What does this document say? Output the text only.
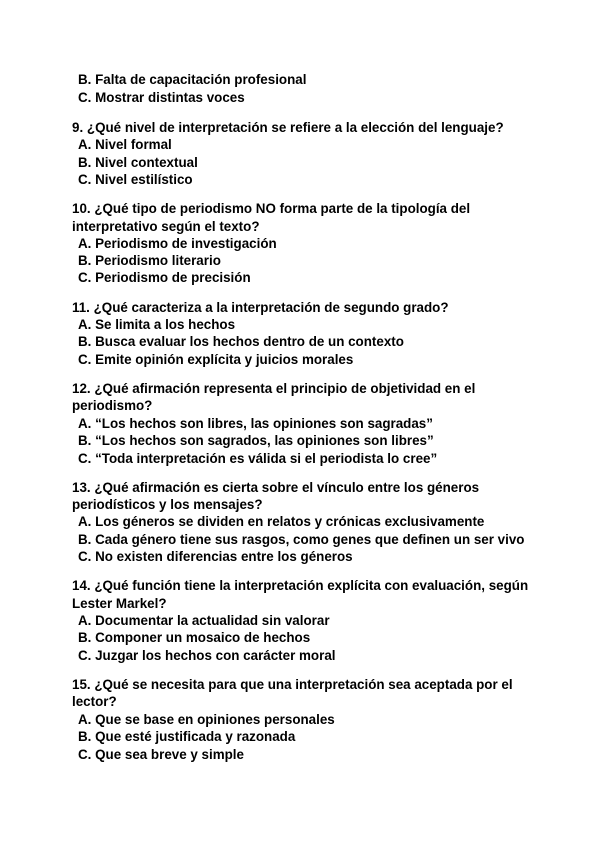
B. Falta de capacitación profesional
C. Mostrar distintas voces
9. ¿Qué nivel de interpretación se refiere a la elección del lenguaje?
A. Nivel formal
B. Nivel contextual
C. Nivel estilístico
10. ¿Qué tipo de periodismo NO forma parte de la tipología del
interpretativo según el texto?
A. Periodismo de investigación
B. Periodismo literario
C. Periodismo de precisión
11. ¿Qué caracteriza a la interpretación de segundo grado?
A. Se limita a los hechos
B. Busca evaluar los hechos dentro de un contexto
C. Emite opinión explícita y juicios morales
12. ¿Qué afirmación representa el principio de objetividad en el
periodismo?
A. “Los hechos son libres, las opiniones son sagradas”
B. “Los hechos son sagrados, las opiniones son libres”
C. “Toda interpretación es válida si el periodista lo cree”
13. ¿Qué afirmación es cierta sobre el vínculo entre los géneros
periodísticos y los mensajes?
A. Los géneros se dividen en relatos y crónicas exclusivamente
B. Cada género tiene sus rasgos, como genes que definen un ser vivo
C. No existen diferencias entre los géneros
14. ¿Qué función tiene la interpretación explícita con evaluación, según
Lester Markel?
A. Documentar la actualidad sin valorar
B. Componer un mosaico de hechos
C. Juzgar los hechos con carácter moral
15. ¿Qué se necesita para que una interpretación sea aceptada por el
lector?
A. Que se base en opiniones personales
B. Que esté justificada y razonada
C. Que sea breve y simple
